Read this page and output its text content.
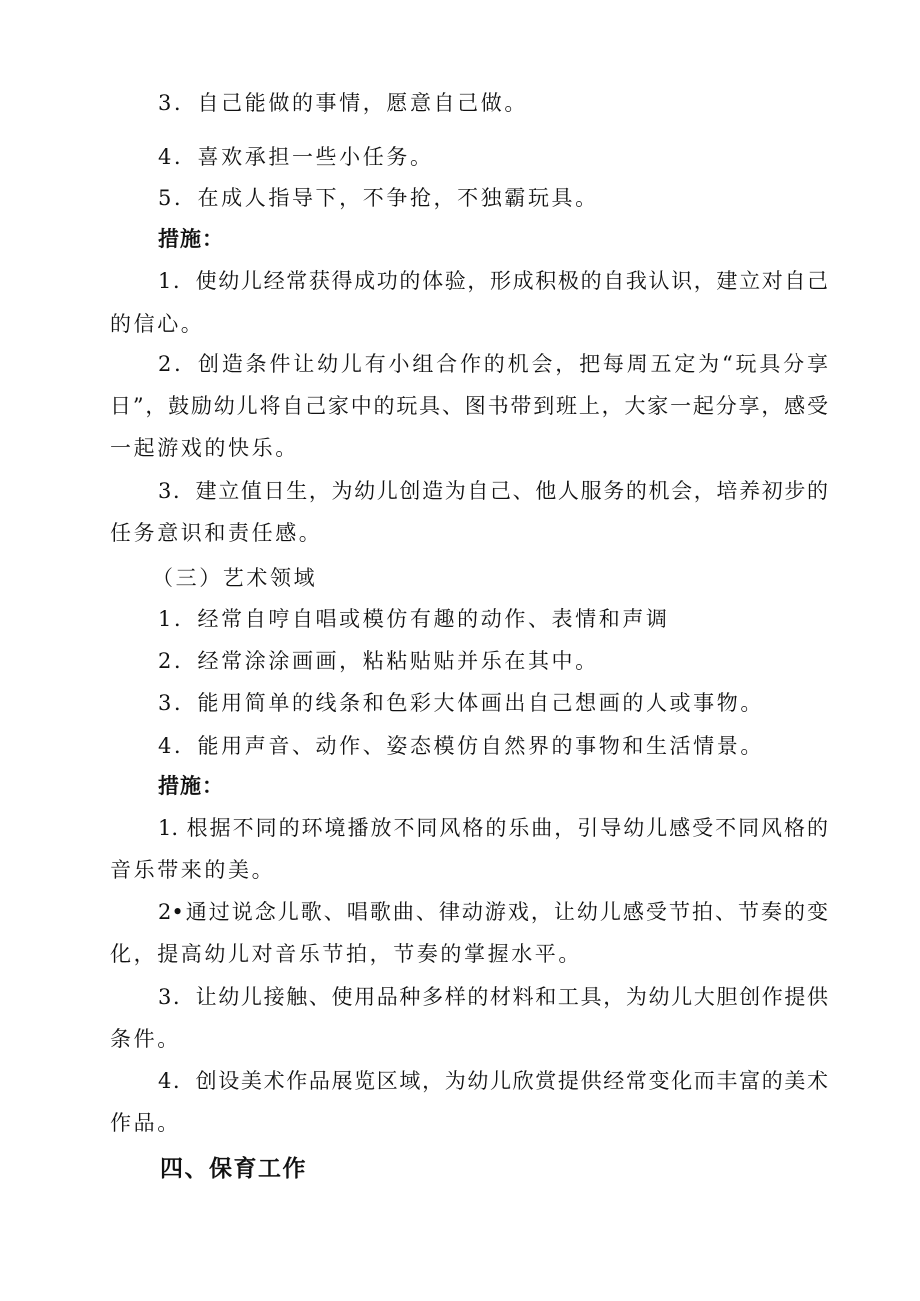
3．自己能做的事情，愿意自己做。
4．喜欢承担一些小任务。
5．在成人指导下，不争抢，不独霸玩具。
措施：
1．使幼儿经常获得成功的体验，形成积极的自我认识，建立对自己
的信心。
2．创造条件让幼儿有小组合作的机会，把每周五定为“玩具分享
日”，鼓励幼儿将自己家中的玩具、图书带到班上，大家一起分享，感受
一起游戏的快乐。
3．建立值日生，为幼儿创造为自己、他人服务的机会，培养初步的
任务意识和责任感。
（三）艺术领域
1．经常自哼自唱或模仿有趣的动作、表情和声调
2．经常涂涂画画，粘粘贴贴并乐在其中。
3．能用简单的线条和色彩大体画出自己想画的人或事物。
4．能用声音、动作、姿态模仿自然界的事物和生活情景。
措施：
1. 根据不同的环境播放不同风格的乐曲，引导幼儿感受不同风格的
音乐带来的美。
2•通过说念儿歌、唱歌曲、律动游戏，让幼儿感受节拍、节奏的变
化，提高幼儿对音乐节拍，节奏的掌握水平。
3．让幼儿接触、使用品种多样的材料和工具，为幼儿大胆创作提供
条件。
4．创设美术作品展览区域，为幼儿欣赏提供经常变化而丰富的美术
作品。
四、保育工作
